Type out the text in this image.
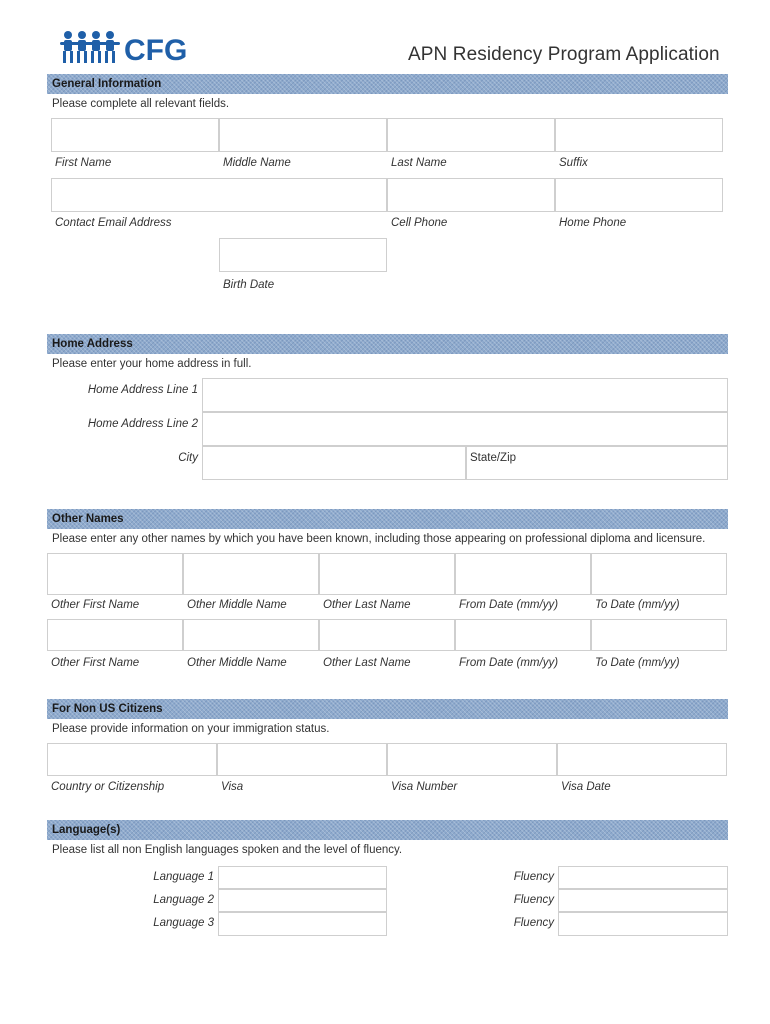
CFG	APN Residency Program Application
General Information
Please complete all relevant fields.
First Name	Middle Name	Last Name	Suffix
Contact Email Address	Cell Phone	Home Phone
Birth Date
Home Address
Please enter your home address in full.
Home Address Line 1
Home Address Line 2
City	State/Zip
Other Names
Please enter any other names by which you have been known, including those appearing on professional diploma and licensure.
Other First Name	Other Middle Name	Other Last Name	From Date (mm/yy)	To Date (mm/yy)
Other First Name	Other Middle Name	Other Last Name	From Date (mm/yy)	To Date (mm/yy)
For Non US Citizens
Please provide information on your immigration status.
Country or Citizenship	Visa	Visa Number	Visa Date
Language(s)
Please list all non English languages spoken and the level of fluency.
Language 1	Fluency
Language 2	Fluency
Language 3	Fluency
